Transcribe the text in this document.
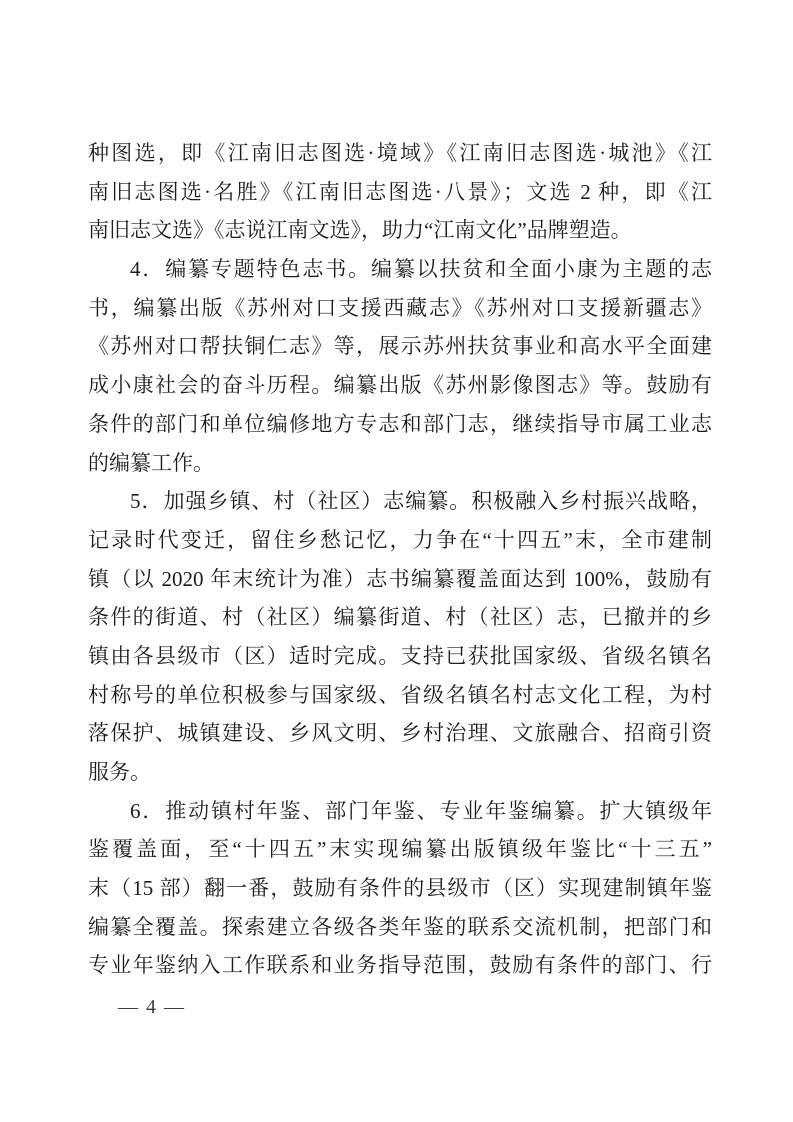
种图选，即《江南旧志图选·境域》《江南旧志图选·城池》《江
南旧志图选·名胜》《江南旧志图选·八景》；文选 2 种，即《江
南旧志文选》《志说江南文选》，助力“江南文化”品牌塑造。
4．编纂专题特色志书。编纂以扶贫和全面小康为主题的志
书，编纂出版《苏州对口支援西藏志》《苏州对口支援新疆志》
《苏州对口帮扶铜仁志》等，展示苏州扶贫事业和高水平全面建
成小康社会的奋斗历程。编纂出版《苏州影像图志》等。鼓励有
条件的部门和单位编修地方专志和部门志，继续指导市属工业志
的编纂工作。
5．加强乡镇、村（社区）志编纂。积极融入乡村振兴战略，
记录时代变迁，留住乡愁记忆，力争在“十四五”末，全市建制
镇（以 2020 年末统计为准）志书编纂覆盖面达到 100%，鼓励有
条件的街道、村（社区）编纂街道、村（社区）志，已撤并的乡
镇由各县级市（区）适时完成。支持已获批国家级、省级名镇名
村称号的单位积极参与国家级、省级名镇名村志文化工程，为村
落保护、城镇建设、乡风文明、乡村治理、文旅融合、招商引资
服务。
6．推动镇村年鉴、部门年鉴、专业年鉴编纂。扩大镇级年
鉴覆盖面，至“十四五”末实现编纂出版镇级年鉴比“十三五”
末（15 部）翻一番，鼓励有条件的县级市（区）实现建制镇年鉴
编纂全覆盖。探索建立各级各类年鉴的联系交流机制，把部门和
专业年鉴纳入工作联系和业务指导范围，鼓励有条件的部门、行
— 4 —
